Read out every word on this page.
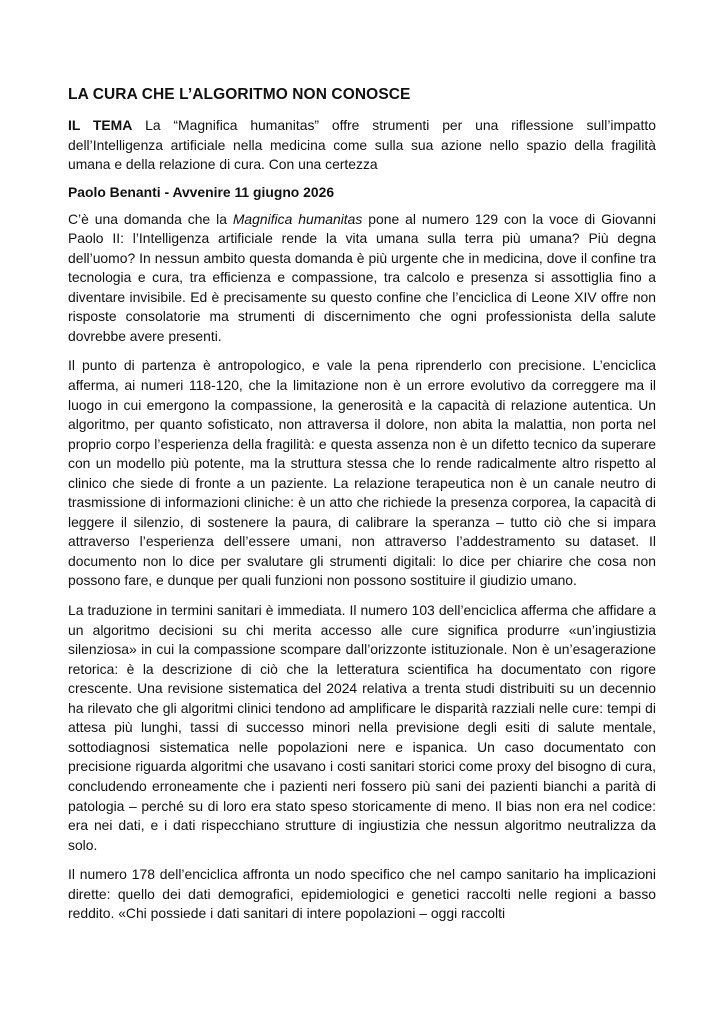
LA CURA CHE L’ALGORITMO NON CONOSCE

IL TEMA La “Magnifica humanitas” offre strumenti per una riflessione sull’impatto dell’Intelligenza artificiale nella medicina come sulla sua azione nello spazio della fragilità umana e della relazione di cura. Con una certezza

Paolo Benanti - Avvenire 11 giugno 2026

C’è una domanda che la Magnifica humanitas pone al numero 129 con la voce di Giovanni Paolo II: l’Intelligenza artificiale rende la vita umana sulla terra più umana? Più degna dell’uomo? In nessun ambito questa domanda è più urgente che in medicina, dove il confine tra tecnologia e cura, tra efficienza e compassione, tra calcolo e presenza si assottiglia fino a diventare invisibile. Ed è precisamente su questo confine che l’enciclica di Leone XIV offre non risposte consolatorie ma strumenti di discernimento che ogni professionista della salute dovrebbe avere presenti.

Il punto di partenza è antropologico, e vale la pena riprenderlo con precisione. L’enciclica afferma, ai numeri 118-120, che la limitazione non è un errore evolutivo da correggere ma il luogo in cui emergono la compassione, la generosità e la capacità di relazione autentica. Un algoritmo, per quanto sofisticato, non attraversa il dolore, non abita la malattia, non porta nel proprio corpo l’esperienza della fragilità: e questa assenza non è un difetto tecnico da superare con un modello più potente, ma la struttura stessa che lo rende radicalmente altro rispetto al clinico che siede di fronte a un paziente. La relazione terapeutica non è un canale neutro di trasmissione di informazioni cliniche: è un atto che richiede la presenza corporea, la capacità di leggere il silenzio, di sostenere la paura, di calibrare la speranza – tutto ciò che si impara attraverso l’esperienza dell’essere umani, non attraverso l’addestramento su dataset. Il documento non lo dice per svalutare gli strumenti digitali: lo dice per chiarire che cosa non possono fare, e dunque per quali funzioni non possono sostituire il giudizio umano.

La traduzione in termini sanitari è immediata. Il numero 103 dell’enciclica afferma che affidare a un algoritmo decisioni su chi merita accesso alle cure significa produrre «un’ingiustizia silenziosa» in cui la compassione scompare dall’orizzonte istituzionale. Non è un’esagerazione retorica: è la descrizione di ciò che la letteratura scientifica ha documentato con rigore crescente. Una revisione sistematica del 2024 relativa a trenta studi distribuiti su un decennio ha rilevato che gli algoritmi clinici tendono ad amplificare le disparità razziali nelle cure: tempi di attesa più lunghi, tassi di successo minori nella previsione degli esiti di salute mentale, sottodiagnosi sistematica nelle popolazioni nere e ispanica. Un caso documentato con precisione riguarda algoritmi che usavano i costi sanitari storici come proxy del bisogno di cura, concludendo erroneamente che i pazienti neri fossero più sani dei pazienti bianchi a parità di patologia – perché su di loro era stato speso storicamente di meno. Il bias non era nel codice: era nei dati, e i dati rispecchiano strutture di ingiustizia che nessun algoritmo neutralizza da solo.

Il numero 178 dell’enciclica affronta un nodo specifico che nel campo sanitario ha implicazioni dirette: quello dei dati demografici, epidemiologici e genetici raccolti nelle regioni a basso reddito. «Chi possiede i dati sanitari di intere popolazioni – oggi raccolti
